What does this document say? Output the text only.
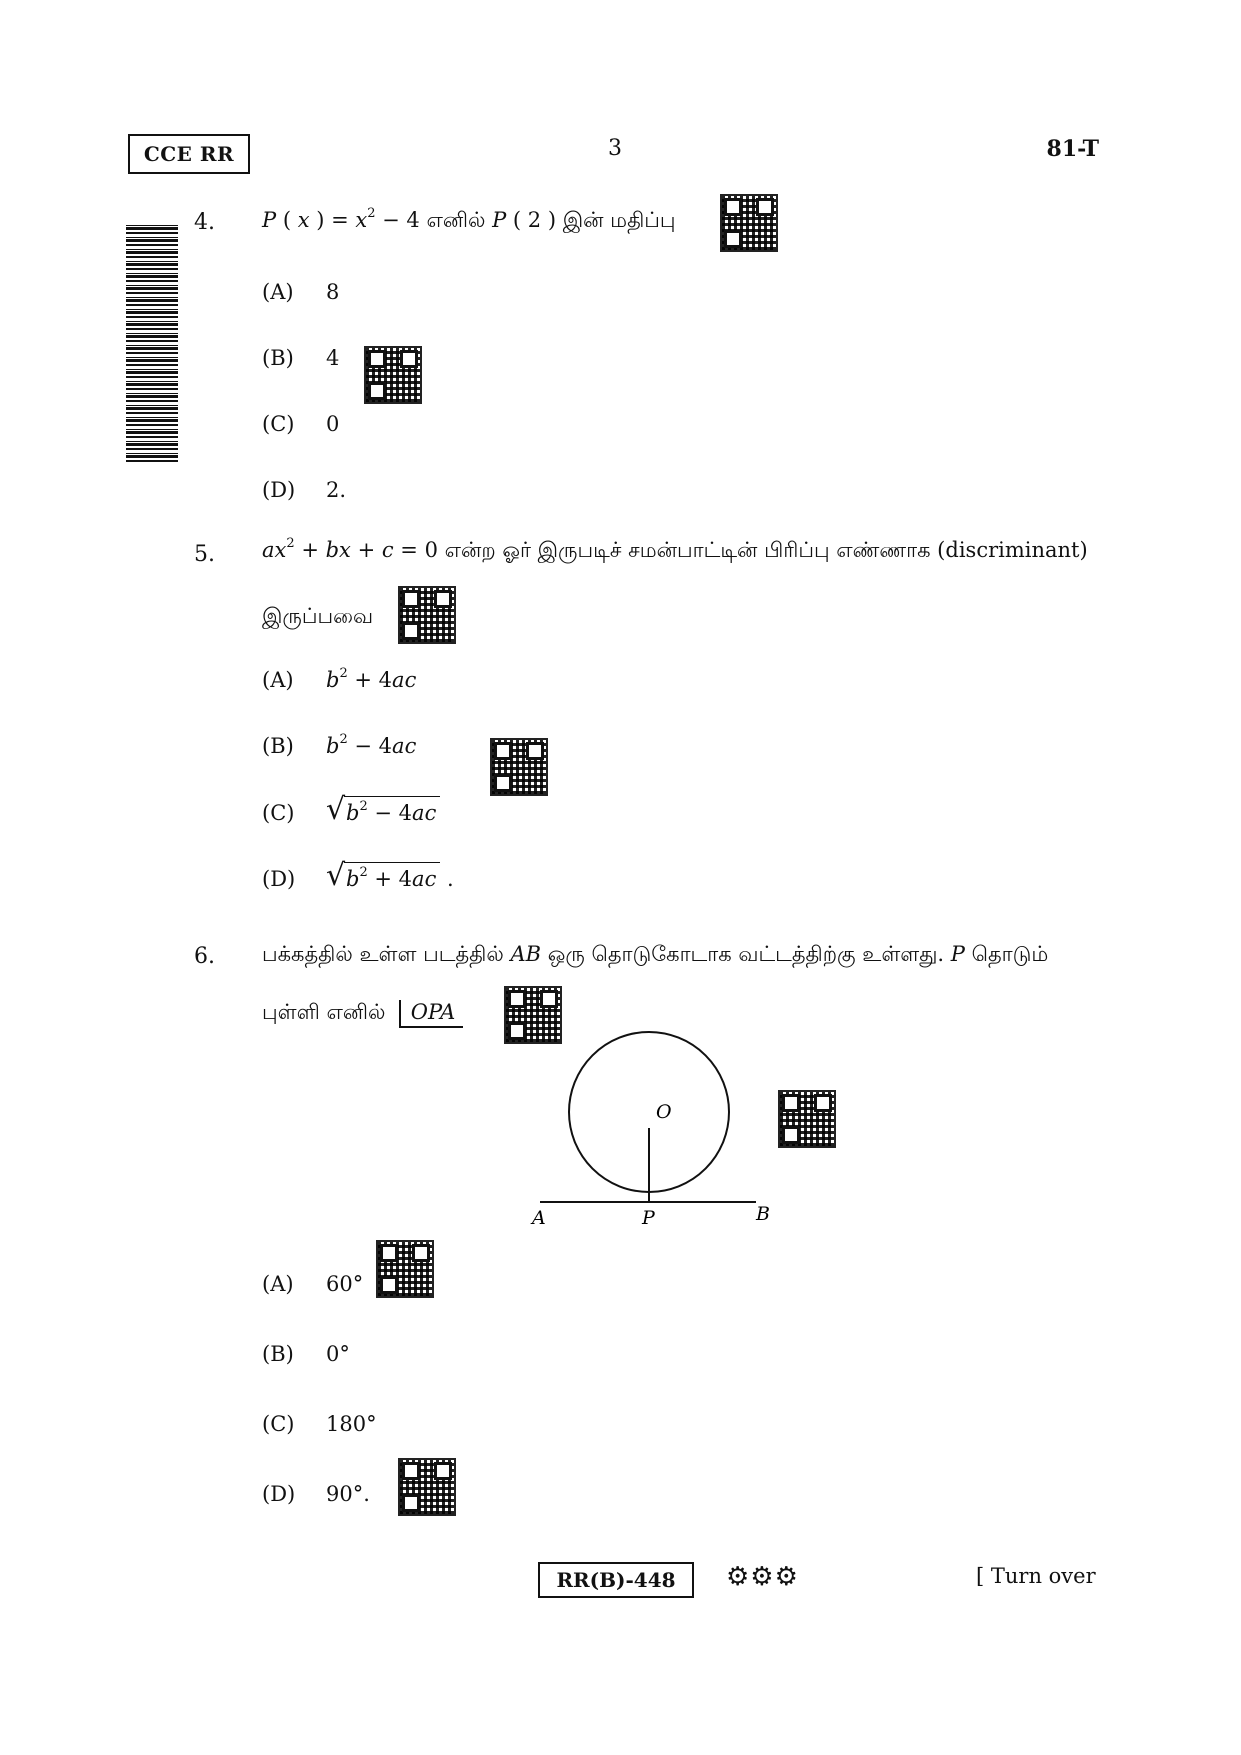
CCE RR	3	81-T
4. P ( x ) = $x^2 - 4$ எனில் P ( 2 ) இன் மதிப்பு
(A) 8
(B) 4
(C) 0
(D) 2.
5. $ax^2$ + bx + c = 0 என்ற ஓர் இருபடிச் சமன்பாட்டின் பிரிப்பு எண்ணாக (discriminant)
இருப்பவை
(A) $b^2 + 4ac$
(B) $b^2 - 4ac$
(C) √ $b^2 - 4ac$
(D) √ $b^2 + 4ac$ .
6. பக்கத்தில் உள்ள படத்தில் AB ஒரு தொடுகோடாக வட்டத்திற்கு உள்ளது. P தொடும்
புள்ளி எனில் OPA
O
A	P	B
(A) 60°
(B) 0°
(C) 180°
(D) 90°.
RR(B)-448 ⚙⚙⚙	[ Turn over
